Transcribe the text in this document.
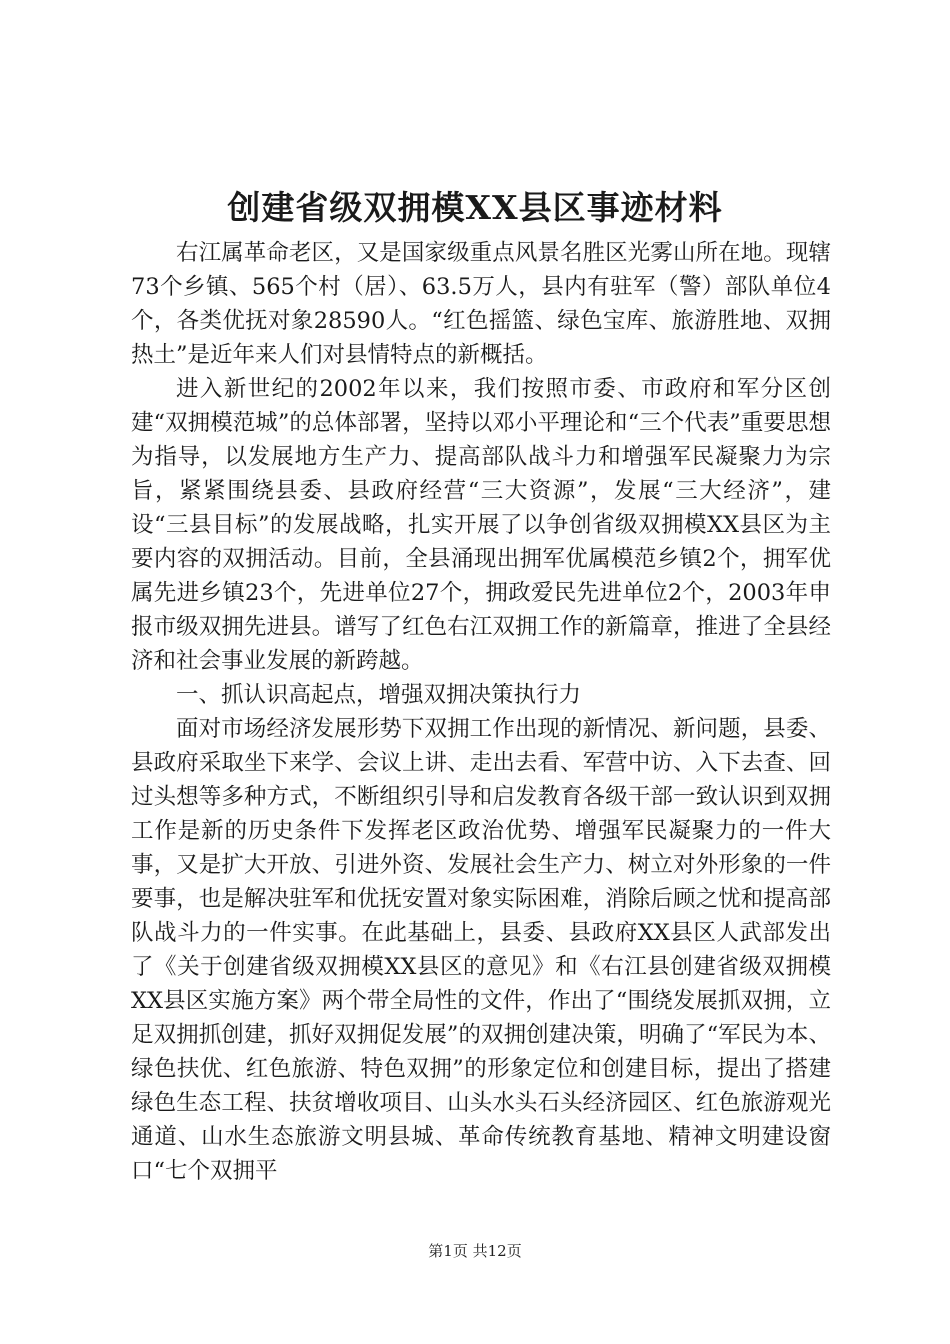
创建省级双拥模XX县区事迹材料

右江属革命老区，又是国家级重点风景名胜区光雾山所在地。现辖73个乡镇、565个村（居）、63.5万人，县内有驻军（警）部队单位4个，各类优抚对象28590人。“红色摇篮、绿色宝库、旅游胜地、双拥热土”是近年来人们对县情特点的新概括。

进入新世纪的2002年以来，我们按照市委、市政府和军分区创建“双拥模范城”的总体部署，坚持以邓小平理论和“三个代表”重要思想为指导，以发展地方生产力、提高部队战斗力和增强军民凝聚力为宗旨，紧紧围绕县委、县政府经营“三大资源”，发展“三大经济”，建设“三县目标”的发展战略，扎实开展了以争创省级双拥模XX县区为主要内容的双拥活动。目前，全县涌现出拥军优属模范乡镇2个，拥军优属先进乡镇23个，先进单位27个，拥政爱民先进单位2个，2003年申报市级双拥先进县。谱写了红色右江双拥工作的新篇章，推进了全县经济和社会事业发展的新跨越。

一、抓认识高起点，增强双拥决策执行力

面对市场经济发展形势下双拥工作出现的新情况、新问题，县委、县政府采取坐下来学、会议上讲、走出去看、军营中访、入下去查、回过头想等多种方式，不断组织引导和启发教育各级干部一致认识到双拥工作是新的历史条件下发挥老区政治优势、增强军民凝聚力的一件大事，又是扩大开放、引进外资、发展社会生产力、树立对外形象的一件要事，也是解决驻军和优抚安置对象实际困难，消除后顾之忧和提高部队战斗力的一件实事。在此基础上，县委、县政府XX县区人武部发出了《关于创建省级双拥模XX县区的意见》和《右江县创建省级双拥模XX县区实施方案》两个带全局性的文件，作出了“围绕发展抓双拥，立足双拥抓创建，抓好双拥促发展”的双拥创建决策，明确了“军民为本、绿色扶优、红色旅游、特色双拥”的形象定位和创建目标，提出了搭建绿色生态工程、扶贫增收项目、山头水头石头经济园区、红色旅游观光通道、山水生态旅游文明县城、革命传统教育基地、精神文明建设窗口“七个双拥平

第1页 共12页
